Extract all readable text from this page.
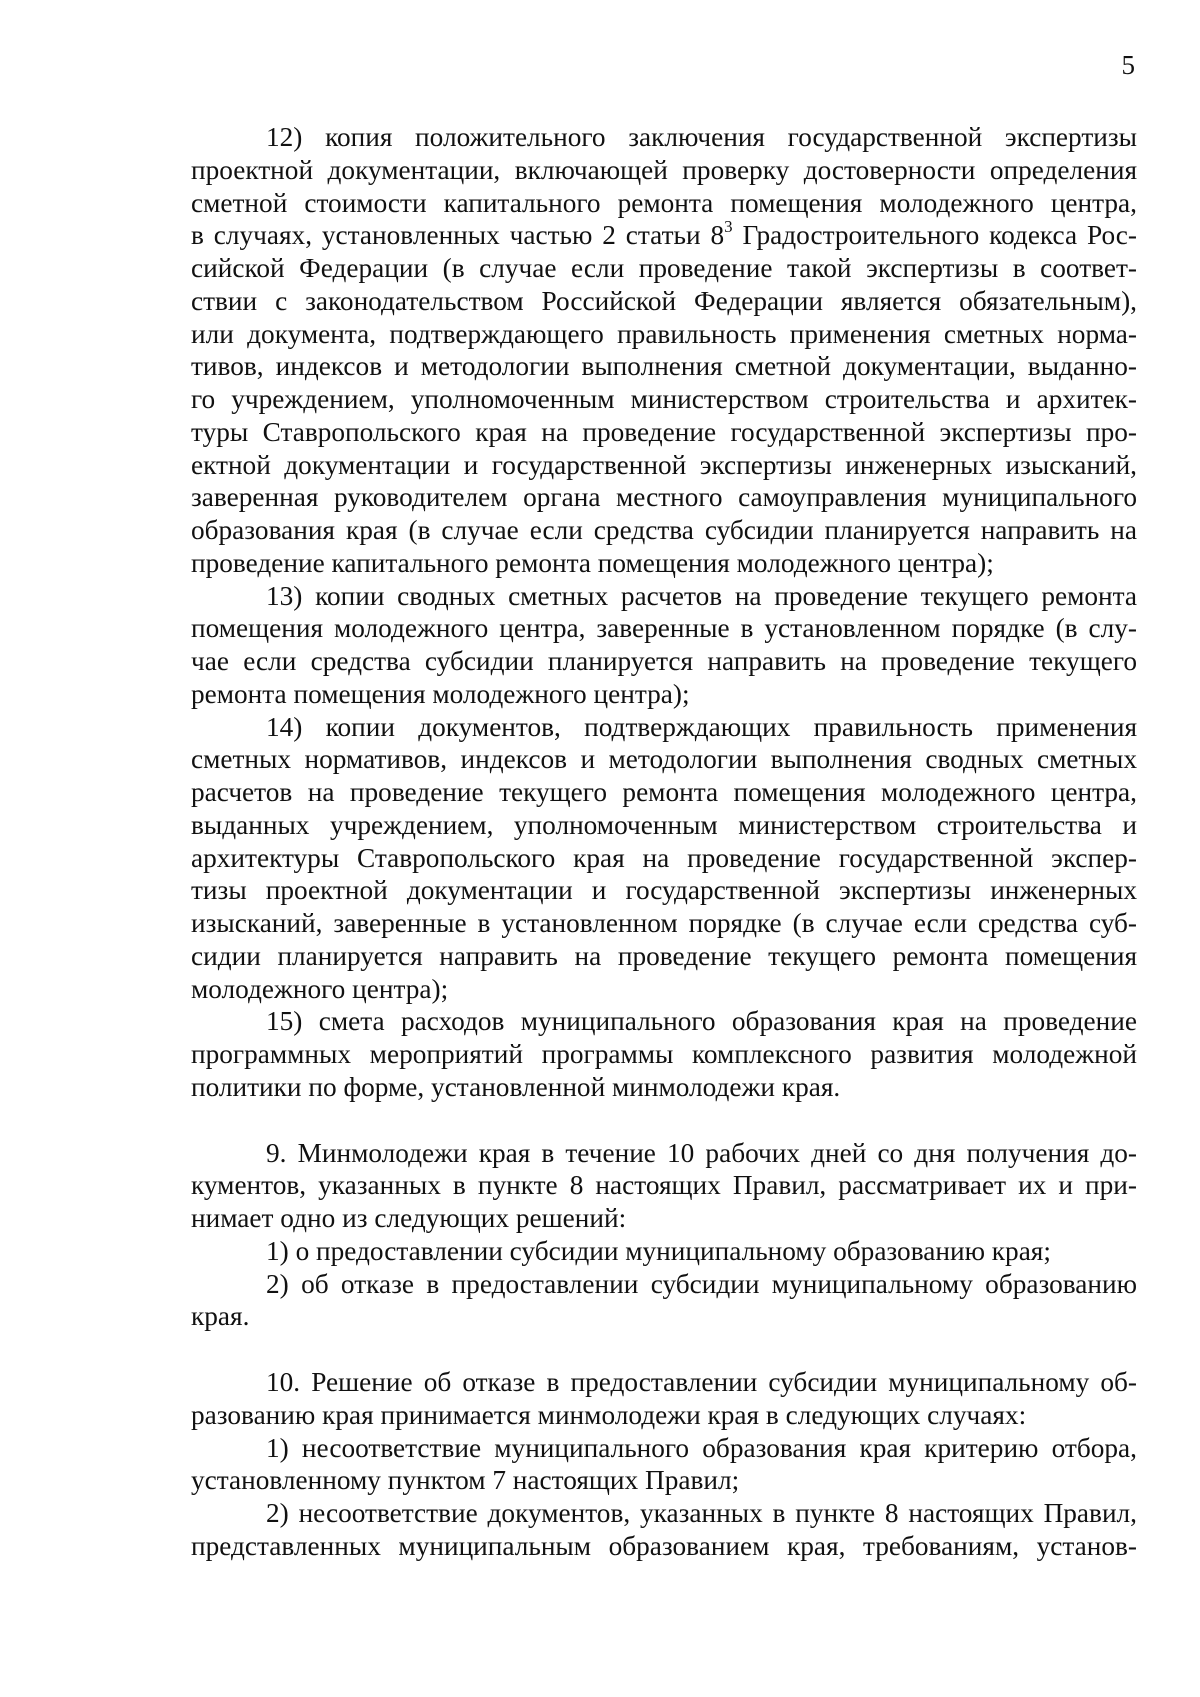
5
12) копия положительного заключения государственной экспертизы
проектной документации, включающей проверку достоверности определения
сметной стоимости капитального ремонта помещения молодежного центра,
в случаях, установленных частью 2 статьи $8^3$ Градостроительного кодекса Рос-
сийской Федерации (в случае если проведение такой экспертизы в соответ-
ствии с законодательством Российской Федерации является обязательным),
или документа, подтверждающего правильность применения сметных норма-
тивов, индексов и методологии выполнения сметной документации, выданно-
го учреждением, уполномоченным министерством строительства и архитек-
туры Ставропольского края на проведение государственной экспертизы про-
ектной документации и государственной экспертизы инженерных изысканий,
заверенная руководителем органа местного самоуправления муниципального
образования края (в случае если средства субсидии планируется направить на
проведение капитального ремонта помещения молодежного центра);
13) копии сводных сметных расчетов на проведение текущего ремонта
помещения молодежного центра, заверенные в установленном порядке (в слу-
чае если средства субсидии планируется направить на проведение текущего
ремонта помещения молодежного центра);
14) копии документов, подтверждающих правильность применения
сметных нормативов, индексов и методологии выполнения сводных сметных
расчетов на проведение текущего ремонта помещения молодежного центра,
выданных учреждением, уполномоченным министерством строительства и
архитектуры Ставропольского края на проведение государственной экспер-
тизы проектной документации и государственной экспертизы инженерных
изысканий, заверенные в установленном порядке (в случае если средства суб-
сидии планируется направить на проведение текущего ремонта помещения
молодежного центра);
15) смета расходов муниципального образования края на проведение
программных мероприятий программы комплексного развития молодежной
политики по форме, установленной минмолодежи края.
9. Минмолодежи края в течение 10 рабочих дней со дня получения до-
кументов, указанных в пункте 8 настоящих Правил, рассматривает их и при-
нимает одно из следующих решений:
1) о предоставлении субсидии муниципальному образованию края;
2) об отказе в предоставлении субсидии муниципальному образованию
края.
10. Решение об отказе в предоставлении субсидии муниципальному об-
разованию края принимается минмолодежи края в следующих случаях:
1) несоответствие муниципального образования края критерию отбора,
установленному пунктом 7 настоящих Правил;
2) несоответствие документов, указанных в пункте 8 настоящих Правил,
представленных муниципальным образованием края, требованиям, установ-
